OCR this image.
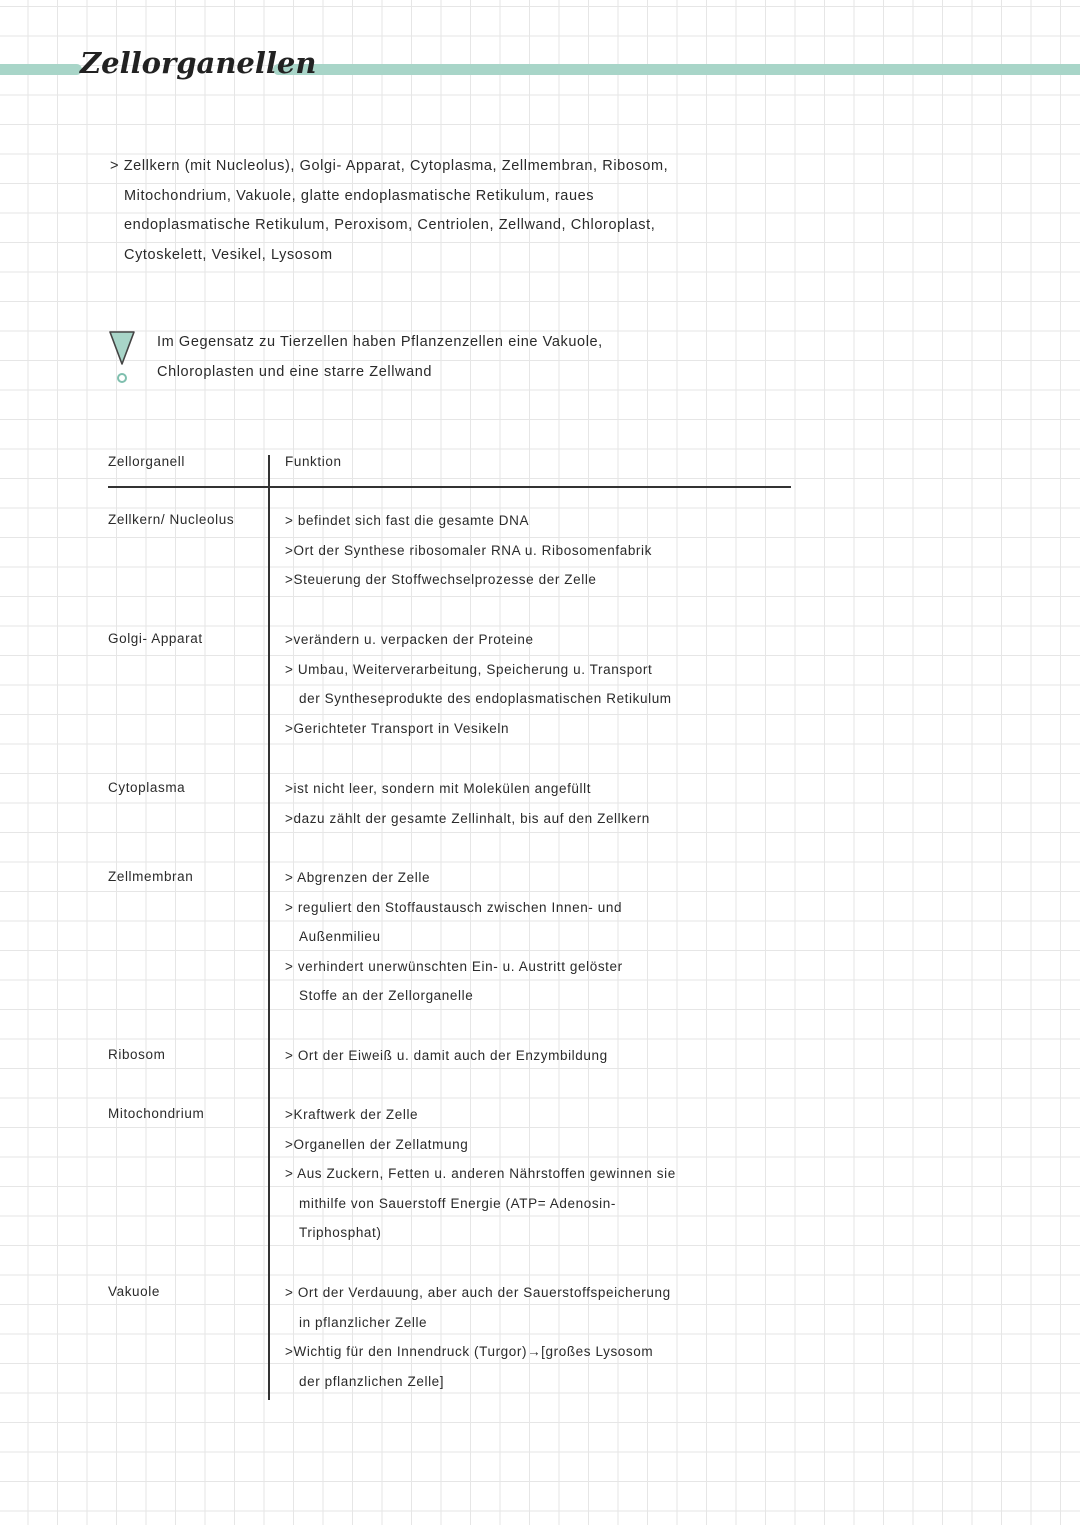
Zellorganellen
> Zellkern (mit Nucleolus), Golgi- Apparat, Cytoplasma, Zellmembran, Ribosom,
Mitochondrium, Vakuole, glatte endoplasmatische Retikulum, raues
endoplasmatische Retikulum, Peroxisom, Centriolen, Zellwand, Chloroplast,
Cytoskelett, Vesikel, Lysosom
Im Gegensatz zu Tierzellen haben Pflanzenzellen eine Vakuole,
Chloroplasten und eine starre Zellwand
Zellorganell	Funktion
Zellkern/ Nucleolus	> befindet sich fast die gesamte DNA
>Ort der Synthese ribosomaler RNA u. Ribosomenfabrik
>Steuerung der Stoffwechselprozesse der Zelle
Golgi- Apparat	>verändern u. verpacken der Proteine
> Umbau, Weiterverarbeitung, Speicherung u. Transport
der Syntheseprodukte des endoplasmatischen Retikulum
>Gerichteter Transport in Vesikeln
Cytoplasma	>ist nicht leer, sondern mit Molekülen angefüllt
>dazu zählt der gesamte Zellinhalt, bis auf den Zellkern
Zellmembran	> Abgrenzen der Zelle
> reguliert den Stoffaustausch zwischen Innen- und
Außenmilieu
> verhindert unerwünschten Ein- u. Austritt gelöster
Stoffe an der Zellorganelle
Ribosom	> Ort der Eiweiß u. damit auch der Enzymbildung
Mitochondrium	>Kraftwerk der Zelle
>Organellen der Zellatmung
> Aus Zuckern, Fetten u. anderen Nährstoffen gewinnen sie
mithilfe von Sauerstoff Energie (ATP= Adenosin-
Triphosphat)
Vakuole	> Ort der Verdauung, aber auch der Sauerstoffspeicherung
in pflanzlicher Zelle
>Wichtig für den Innendruck (Turgor)→[großes Lysosom
der pflanzlichen Zelle]
